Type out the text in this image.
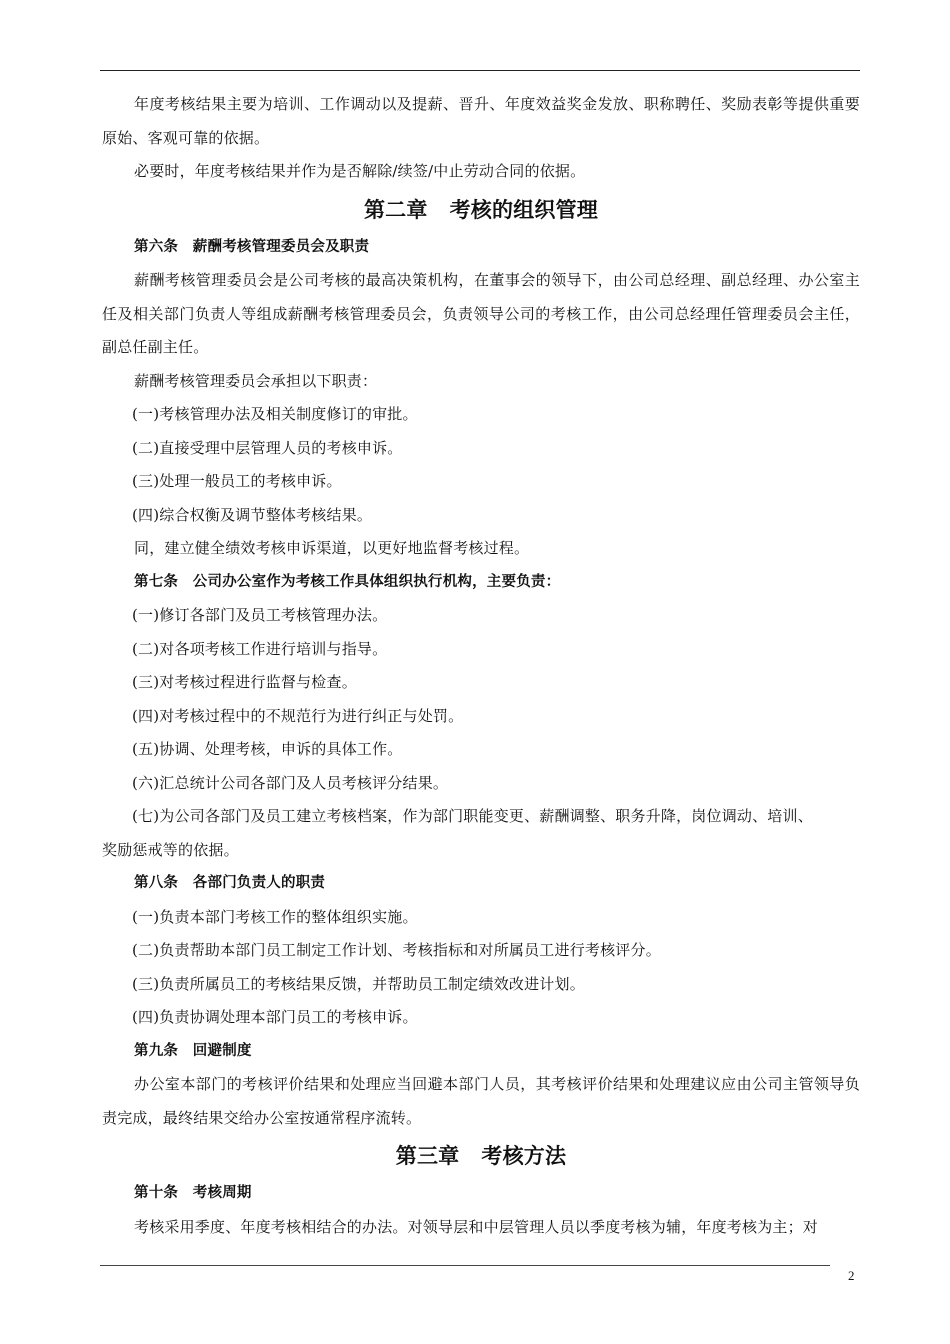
年度考核结果主要为培训、工作调动以及提薪、晋升、年度效益奖金发放、职称聘任、奖励表彰等提供重要原始、客观可靠的依据。

必要时，年度考核结果并作为是否解除/续签/中止劳动合同的依据。

第二章 考核的组织管理

第六条　薪酬考核管理委员会及职责

薪酬考核管理委员会是公司考核的最高决策机构，在董事会的领导下，由公司总经理、副总经理、办公室主任及相关部门负责人等组成薪酬考核管理委员会，负责领导公司的考核工作，由公司总经理任管理委员会主任，副总任副主任。

薪酬考核管理委员会承担以下职责：

(一)考核管理办法及相关制度修订的审批。

(二)直接受理中层管理人员的考核申诉。

(三)处理一般员工的考核申诉。

(四)综合权衡及调节整体考核结果。

同，建立健全绩效考核申诉渠道，以更好地监督考核过程。

第七条　公司办公室作为考核工作具体组织执行机构，主要负责：

(一)修订各部门及员工考核管理办法。

(二)对各项考核工作进行培训与指导。

(三)对考核过程进行监督与检查。

(四)对考核过程中的不规范行为进行纠正与处罚。

(五)协调、处理考核，申诉的具体工作。

(六)汇总统计公司各部门及人员考核评分结果。

(七)为公司各部门及员工建立考核档案，作为部门职能变更、薪酬调整、职务升降，岗位调动、培训、
奖励惩戒等的依据。

第八条　各部门负责人的职责

(一)负责本部门考核工作的整体组织实施。

(二)负责帮助本部门员工制定工作计划、考核指标和对所属员工进行考核评分。

(三)负责所属员工的考核结果反馈，并帮助员工制定绩效改进计划。

(四)负责协调处理本部门员工的考核申诉。

第九条　回避制度

办公室本部门的考核评价结果和处理应当回避本部门人员，其考核评价结果和处理建议应由公司主管领导负责完成，最终结果交给办公室按通常程序流转。

第三章 考核方法

第十条　考核周期

考核采用季度、年度考核相结合的办法。对领导层和中层管理人员以季度考核为辅，年度考核为主；对

2
